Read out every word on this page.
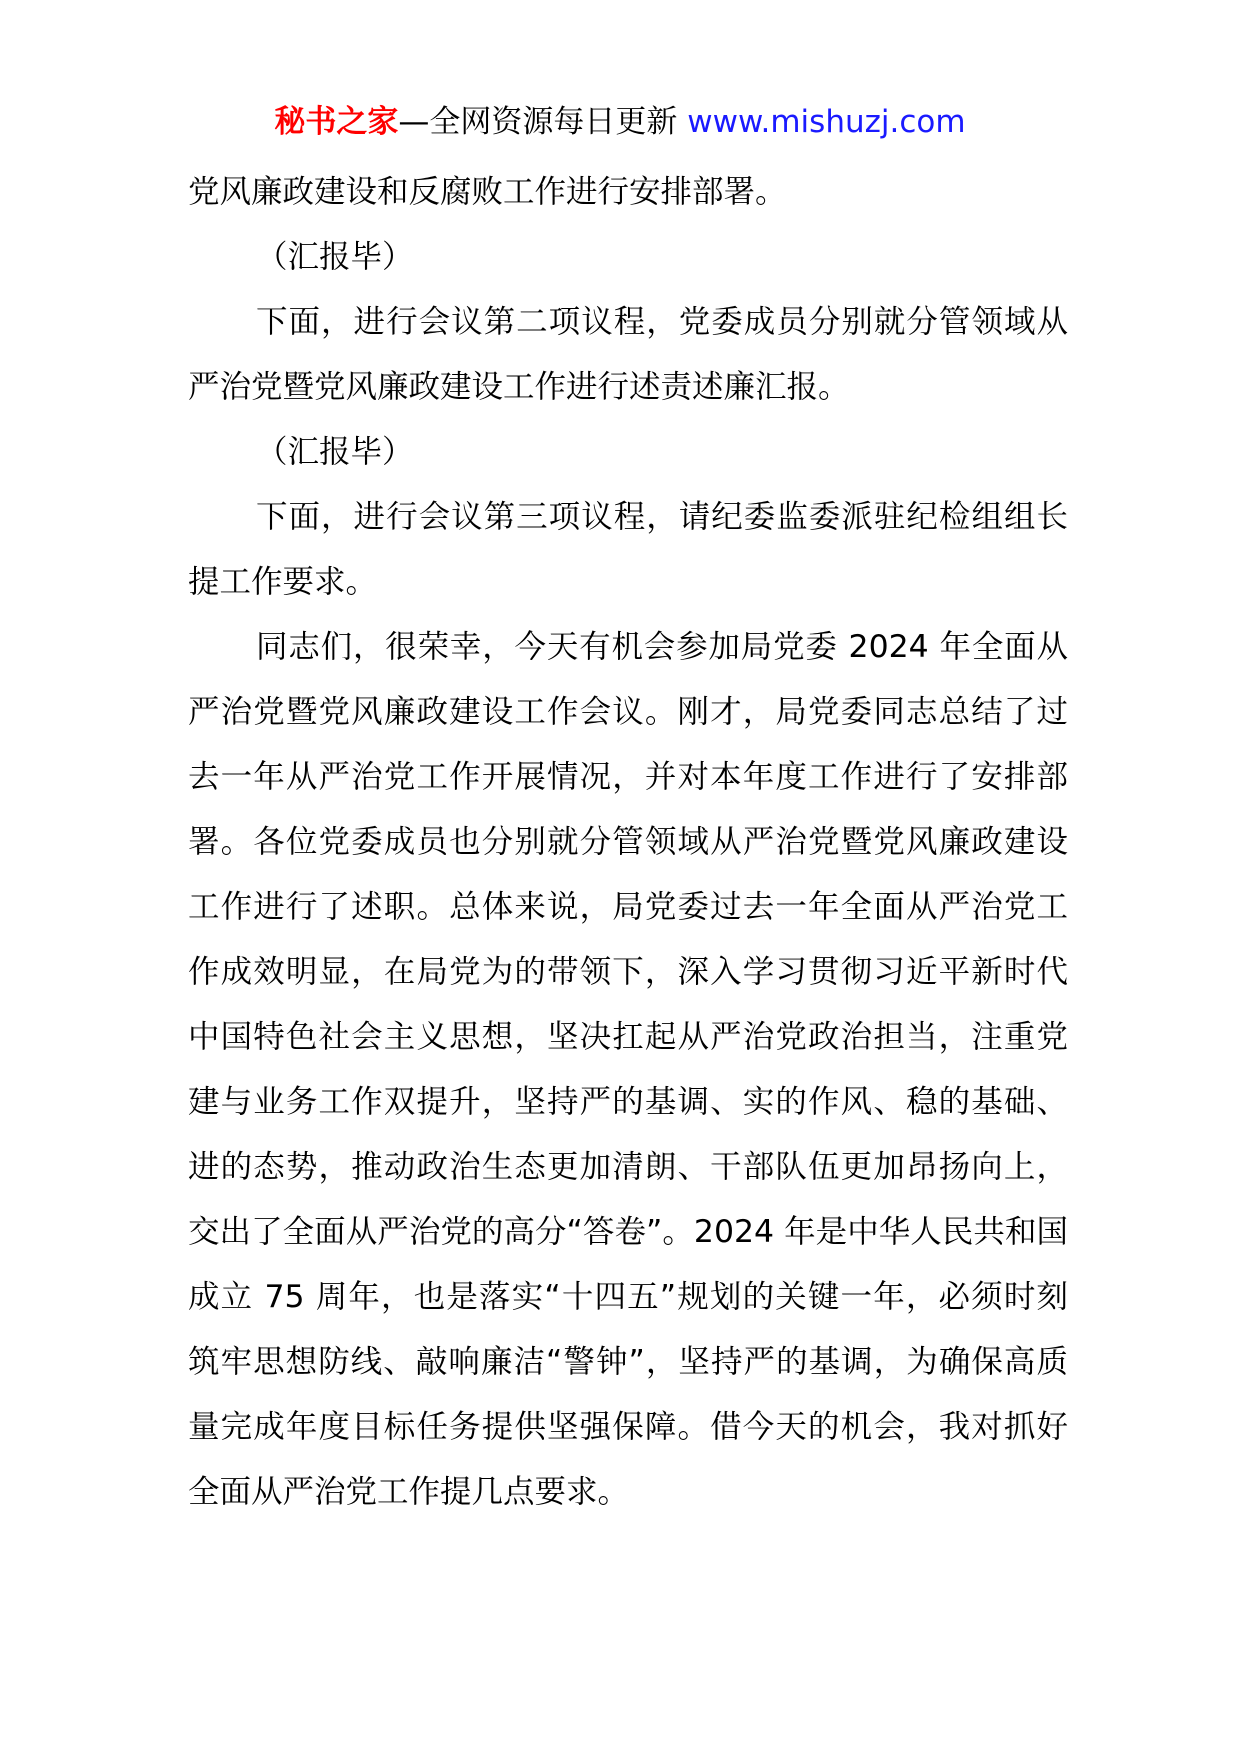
秘书之家—全网资源每日更新 www.mishuzj.com

党风廉政建设和反腐败工作进行安排部署。

（汇报毕）

下面，进行会议第二项议程，党委成员分别就分管领域从严治党暨党风廉政建设工作进行述责述廉汇报。

（汇报毕）

下面，进行会议第三项议程，请纪委监委派驻纪检组组长提工作要求。

同志们，很荣幸，今天有机会参加局党委 2024 年全面从严治党暨党风廉政建设工作会议。刚才，局党委同志总结了过去一年从严治党工作开展情况，并对本年度工作进行了安排部署。各位党委成员也分别就分管领域从严治党暨党风廉政建设工作进行了述职。总体来说，局党委过去一年全面从严治党工作成效明显，在局党为的带领下，深入学习贯彻习近平新时代中国特色社会主义思想，坚决扛起从严治党政治担当，注重党建与业务工作双提升，坚持严的基调、实的作风、稳的基础、进的态势，推动政治生态更加清朗、干部队伍更加昂扬向上，交出了全面从严治党的高分“答卷”。2024 年是中华人民共和国成立 75 周年，也是落实“十四五”规划的关键一年，必须时刻筑牢思想防线、敲响廉洁“警钟”，坚持严的基调，为确保高质量完成年度目标任务提供坚强保障。借今天的机会，我对抓好全面从严治党工作提几点要求。
